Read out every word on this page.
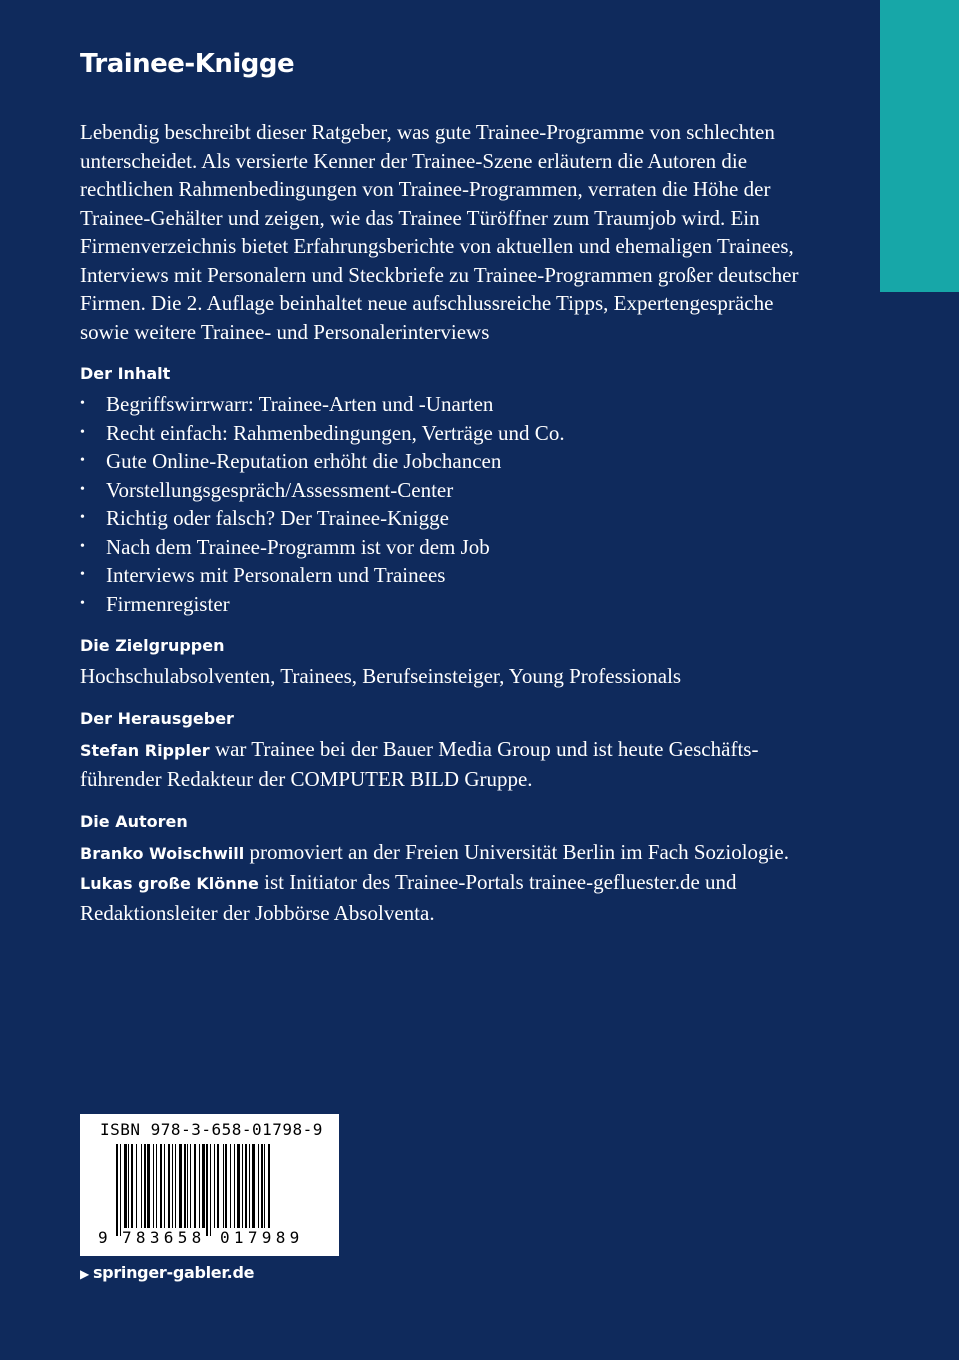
Trainee-Knigge

Lebendig beschreibt dieser Ratgeber, was gute Trainee-Programme von schlechten unterscheidet. Als versierte Kenner der Trainee-Szene erläutern die Autoren die rechtlichen Rahmenbedingungen von Trainee-Programmen, verraten die Höhe der Trainee-Gehälter und zeigen, wie das Trainee Türöffner zum Traumjob wird. Ein Firmenverzeichnis bietet Erfahrungsberichte von aktuellen und ehemaligen Trainees, Interviews mit Personalern und Steckbriefe zu Trainee-Programmen großer deutscher Firmen. Die 2. Auflage beinhaltet neue aufschlussreiche Tipps, Expertengespräche sowie weitere Trainee- und Personalerinterviews

Der Inhalt
• Begriffswirrwarr: Trainee-Arten und -Unarten
• Recht einfach: Rahmenbedingungen, Verträge und Co.
• Gute Online-Reputation erhöht die Jobchancen
• Vorstellungsgespräch/Assessment-Center
• Richtig oder falsch? Der Trainee-Knigge
• Nach dem Trainee-Programm ist vor dem Job
• Interviews mit Personalern und Trainees
• Firmenregister
Die Zielgruppen

Hochschulabsolventen, Trainees, Berufseinsteiger, Young Professionals

Der Herausgeber

Stefan Rippler war Trainee bei der Bauer Media Group und ist heute Geschäfts-führender Redakteur der COMPUTER BILD Gruppe.

Die Autoren

Branko Woischwill promoviert an der Freien Universität Berlin im Fach Soziologie.
Lukas große Klönne ist Initiator des Trainee-Portals trainee-gefluester.de und Redaktionsleiter der Jobbörse Absolventa.

ISBN 978-3-658-01798-9
9 783658 017989
▶ springer-gabler.de
